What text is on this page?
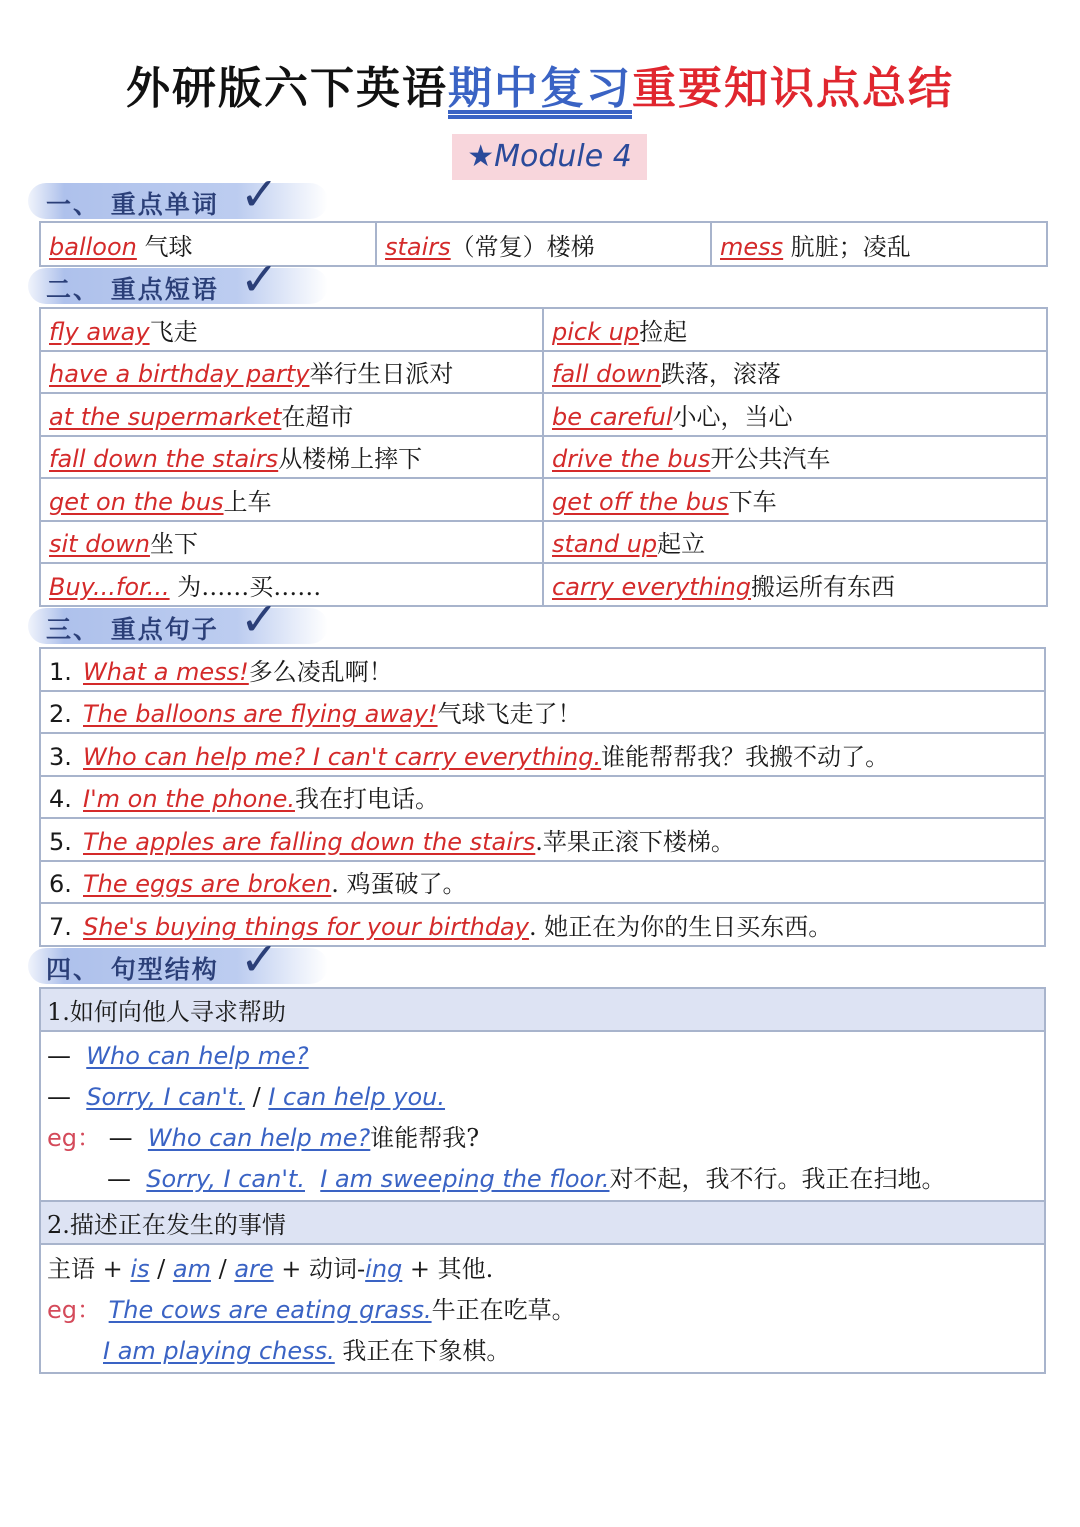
外研版六下英语期中复习重要知识点总结
★Module 4
一、 重点单词 ✓
balloon 气球	stairs（常复）楼梯	mess 肮脏；凌乱
二、 重点短语 ✓
fly away飞走	pick up捡起
have a birthday party举行生日派对	fall down跌落，滚落
at the supermarket在超市	be careful小心，当心
fall down the stairs从楼梯上摔下	drive the bus开公共汽车
get on the bus上车	get off the bus下车
sit down坐下	stand up起立
Buy...for... 为……买……	carry everything搬运所有东西
三、 重点句子 ✓
1. What a mess!多么凌乱啊！
2. The balloons are flying away!气球飞走了！
3. Who can help me? I can't carry everything.谁能帮帮我？我搬不动了。
4. I'm on the phone.我在打电话。
5. The apples are falling down the stairs.苹果正滚下楼梯。
6. The eggs are broken. 鸡蛋破了。
7. She's buying things for your birthday. 她正在为你的生日买东西。
四、 句型结构 ✓
1.如何向他人寻求帮助

— Who can help me?
— Sorry, I can't. / I can help you.
eg： — Who can help me?谁能帮我?
— Sorry, I can't. I am sweeping the floor.对不起，我不行。我正在扫地。

2.描述正在发生的事情

主语 + is / am / are + 动词-ing + 其他.
eg： The cows are eating grass.牛正在吃草。
I am playing chess. 我正在下象棋。
